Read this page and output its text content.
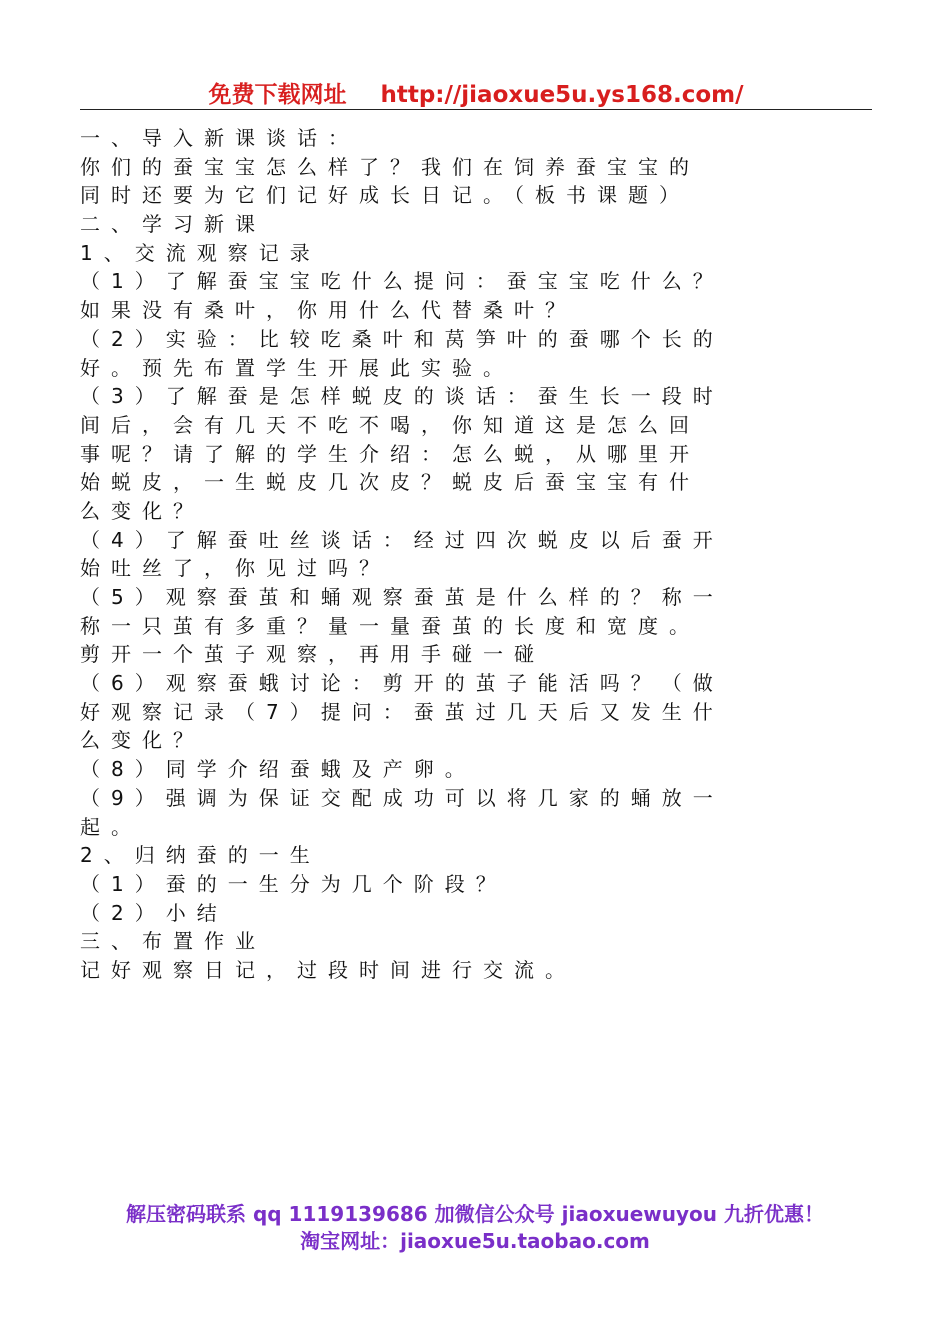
免费下载网址 http://jiaoxue5u.ys168.com/
一、导入新课谈话：
你们的蚕宝宝怎么样了？我们在饲养蚕宝宝的
同时还要为它们记好成长日记。（板书课题）
二、学习新课
1、交流观察记录
（1）了解蚕宝宝吃什么提问：蚕宝宝吃什么？
如果没有桑叶，你用什么代替桑叶？
（2）实验：比较吃桑叶和莴笋叶的蚕哪个长的
好。预先布置学生开展此实验。
（3）了解蚕是怎样蜕皮的谈话：蚕生长一段时
间后，会有几天不吃不喝，你知道这是怎么回
事呢？请了解的学生介绍：怎么蜕，从哪里开
始蜕皮，一生蜕皮几次皮？蜕皮后蚕宝宝有什
么变化？
（4）了解蚕吐丝谈话：经过四次蜕皮以后蚕开
始吐丝了，你见过吗？
（5）观察蚕茧和蛹观察蚕茧是什么样的？称一
称一只茧有多重？量一量蚕茧的长度和宽度。
剪开一个茧子观察，再用手碰一碰
（6）观察蚕蛾讨论：剪开的茧子能活吗？（做
好观察记录（7）提问：蚕茧过几天后又发生什
么变化？
（8）同学介绍蚕蛾及产卵。
（9）强调为保证交配成功可以将几家的蛹放一
起。
2、归纳蚕的一生
（1）蚕的一生分为几个阶段？
（2）小结
三、布置作业
记好观察日记，过段时间进行交流。
解压密码联系 qq 1119139686 加微信公众号 jiaoxuewuyou 九折优惠！
淘宝网址：jiaoxue5u.taobao.com
